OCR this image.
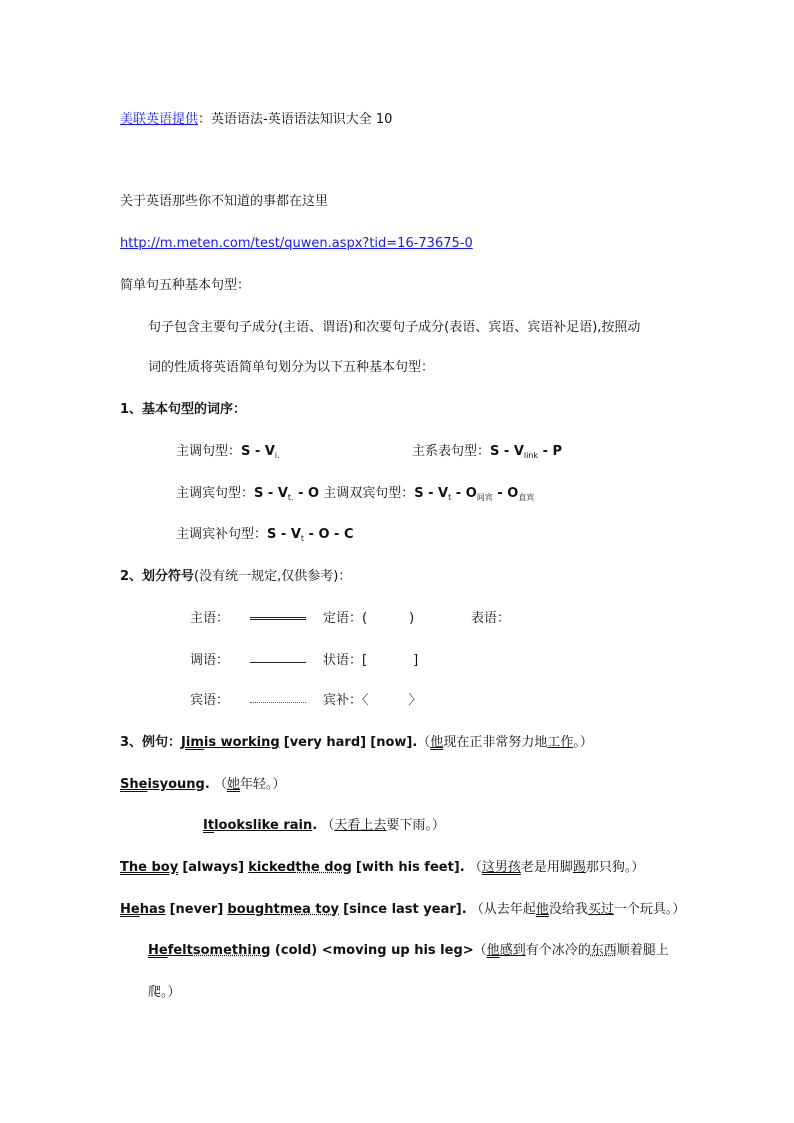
美联英语提供：英语语法-英语语法知识大全 10
关于英语那些你不知道的事都在这里
http://m.meten.com/test/quwen.aspx?tid=16-73675-0
简单句五种基本句型：
句子包含主要句子成分(主语、谓语)和次要句子成分(表语、宾语、宾语补足语),按照动
词的性质将英语简单句划分为以下五种基本句型：
1、基本句型的词序：
主调句型：S - $V_{i.}$	主系表句型：S - $V_{link}$ - P
主调宾句型：S - $V_{t.}$ - O 主调双宾句型：S - $V_t - O_{间宾} - O_{直宾}$
主调宾补句型：S - $V_t$ - O - C
2、划分符号(没有统一规定,仅供参考)：
主语：	定语：(	)	表语：
调语：	状语：[	]
宾语：	宾补：〈	〉
3、例句：Jimis working [very hard] [now].（他现在正非常努力地工作。）
Sheisyoung. （她年轻。）
Itlookslike rain. （天看上去要下雨。）
The boy [always] kickedthe dog [with his feet]. （这男孩老是用脚踢那只狗。）
Hehas [never] boughtmea toy [since last year]. （从去年起他没给我买过一个玩具。）
Hefeltsomething (cold) <moving up his leg>（他感到有个冰冷的东西顺着腿上
爬。）
